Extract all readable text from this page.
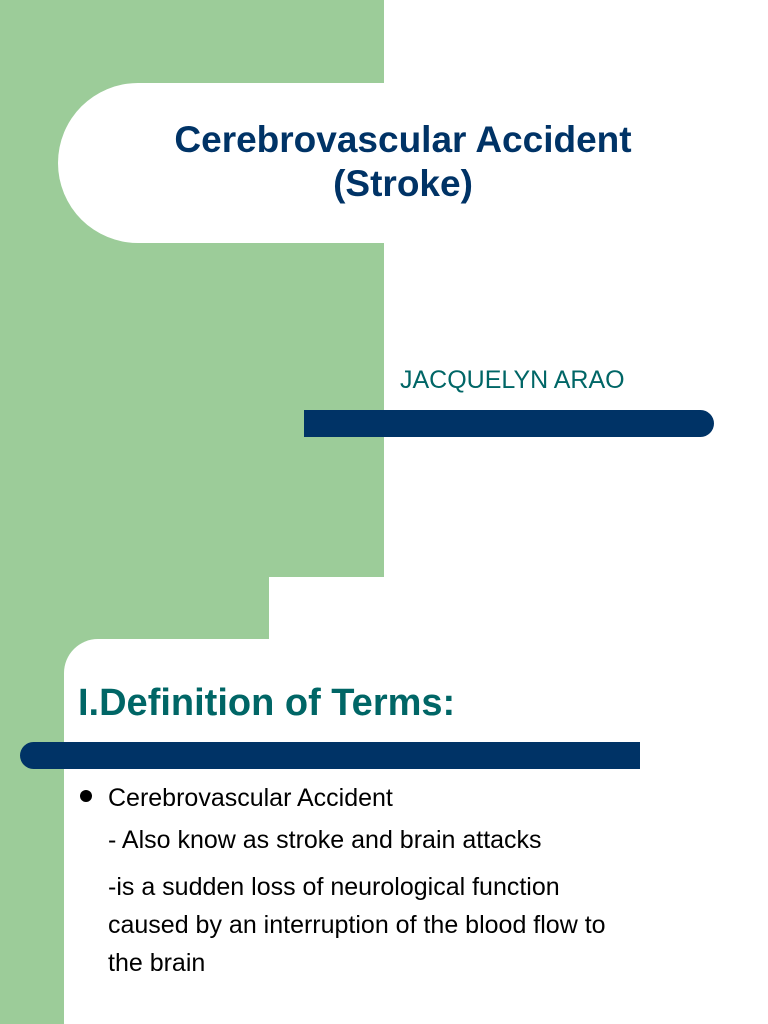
Cerebrovascular Accident
(Stroke)

JACQUELYN ARAO

I.Definition of Terms:

Cerebrovascular Accident

- Also know as stroke and brain attacks

-is a sudden loss of neurological function
caused by an interruption of the blood flow to
the brain
